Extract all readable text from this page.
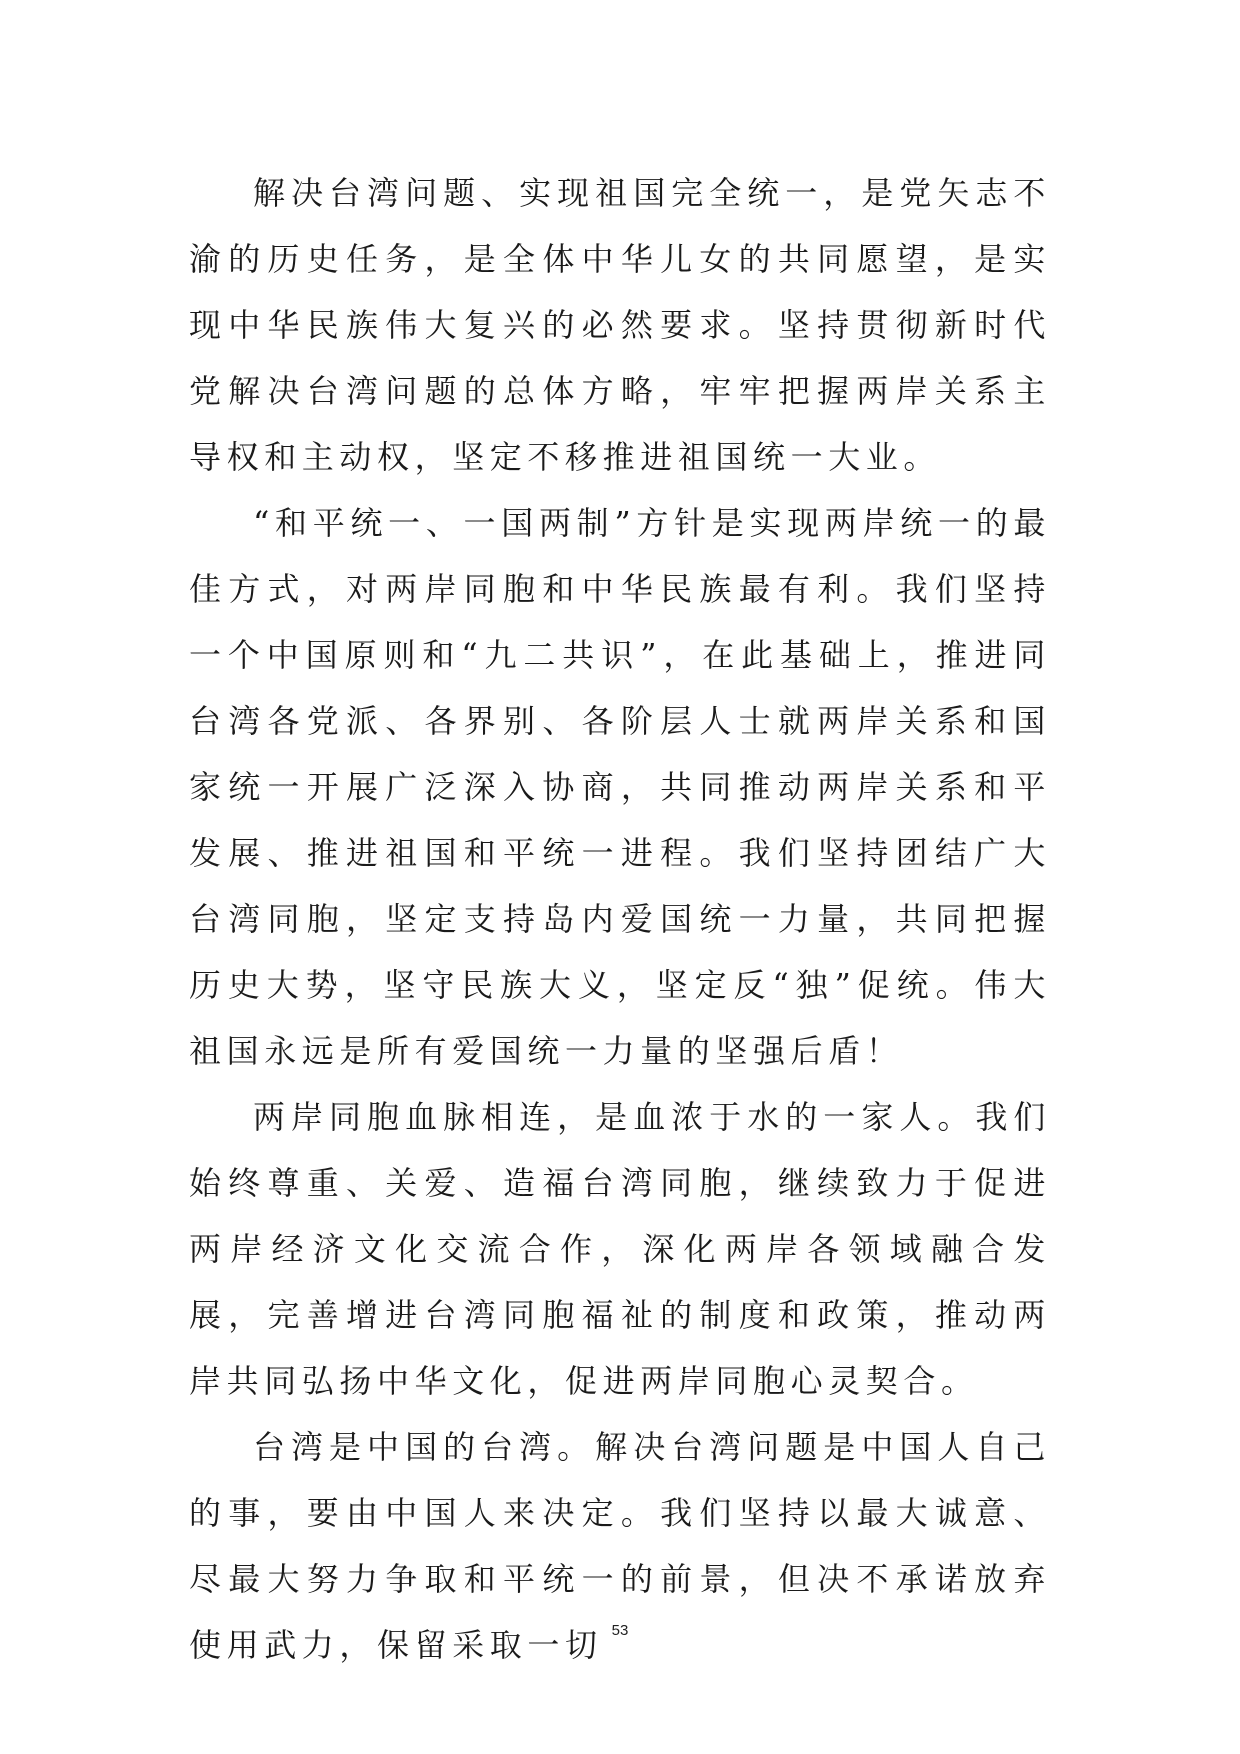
解决台湾问题、实现祖国完全统一，是党矢志不渝的历史任务，是全体中华儿女的共同愿望，是实现中华民族伟大复兴的必然要求。坚持贯彻新时代党解决台湾问题的总体方略，牢牢把握两岸关系主导权和主动权，坚定不移推进祖国统一大业。

“和平统一、一国两制”方针是实现两岸统一的最佳方式，对两岸同胞和中华民族最有利。我们坚持一个中国原则和“九二共识”，在此基础上，推进同台湾各党派、各界别、各阶层人士就两岸关系和国家统一开展广泛深入协商，共同推动两岸关系和平发展、推进祖国和平统一进程。我们坚持团结广大台湾同胞，坚定支持岛内爱国统一力量，共同把握历史大势，坚守民族大义，坚定反“独”促统。伟大祖国永远是所有爱国统一力量的坚强后盾！

两岸同胞血脉相连，是血浓于水的一家人。我们始终尊重、关爱、造福台湾同胞，继续致力于促进两岸经济文化交流合作，深化两岸各领域融合发展，完善增进台湾同胞福祉的制度和政策，推动两岸共同弘扬中华文化，促进两岸同胞心灵契合。

台湾是中国的台湾。解决台湾问题是中国人自己的事，要由中国人来决定。我们坚持以最大诚意、尽最大努力争取和平统一的前景，但决不承诺放弃使用武力，保留采取一切 53
